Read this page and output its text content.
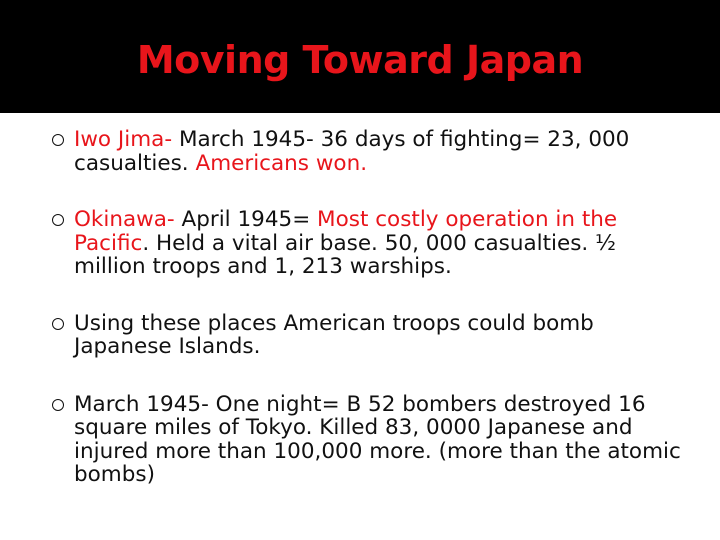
Moving Toward Japan
Iwo Jima- March 1945- 36 days of fighting= 23, 000 casualties. Americans won.
Okinawa- April 1945= Most costly operation in the Pacific. Held a vital air base. 50, 000 casualties. ½ million troops and 1, 213 warships.
Using these places American troops could bomb Japanese Islands.
March 1945- One night= B 52 bombers destroyed 16 square miles of Tokyo. Killed 83, 0000 Japanese and injured more than 100,000 more. (more than the atomic bombs)
